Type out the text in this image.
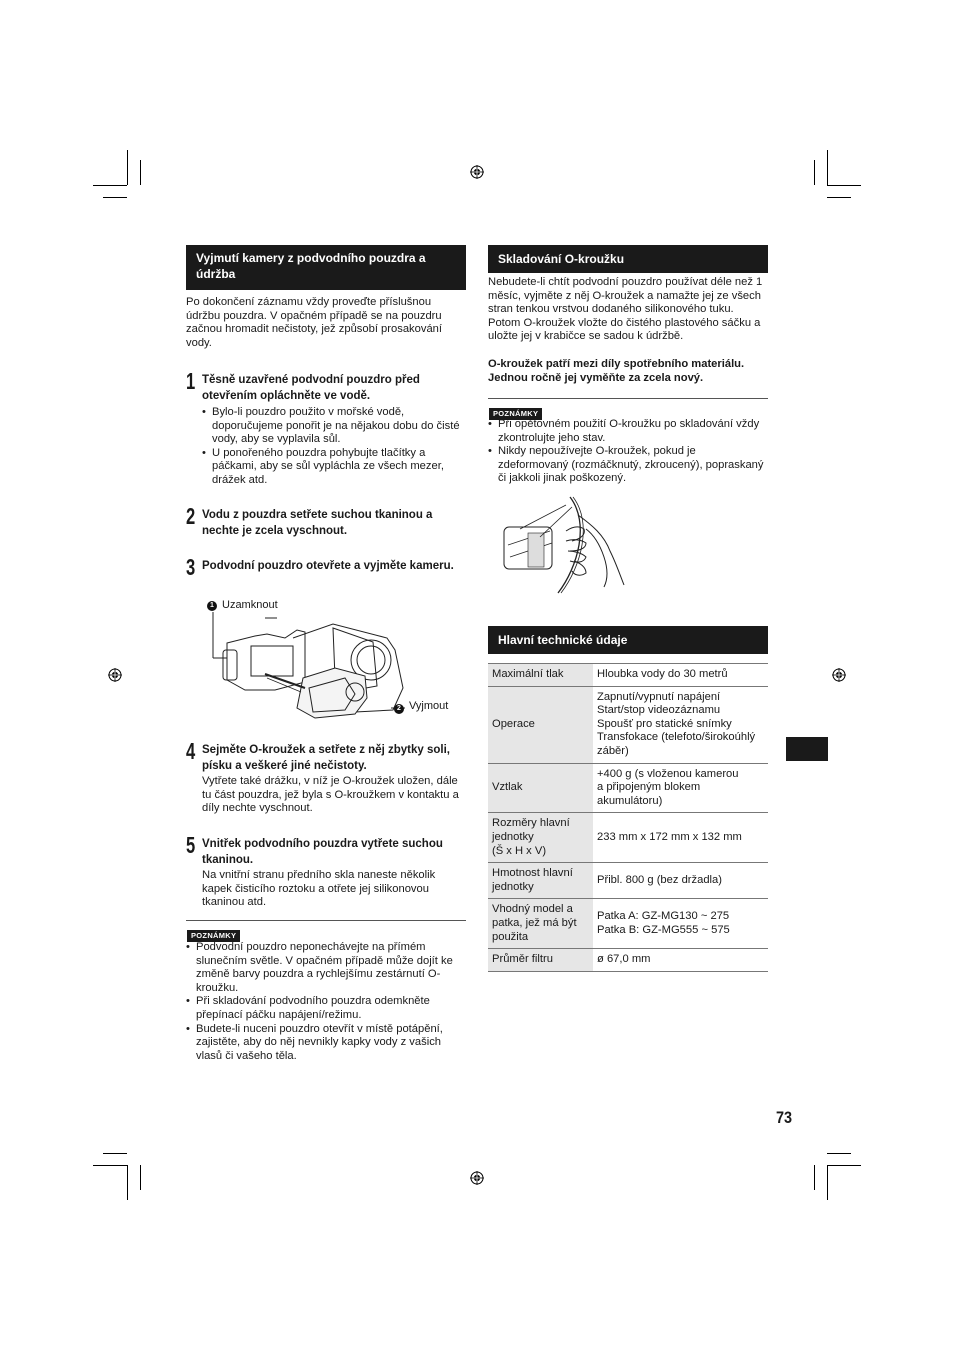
Vyjmutí kamery z podvodního pouzdra a údržba
Po dokončení záznamu vždy proveďte příslušnou údržbu pouzdra. V opačném případě se na pouzdru začnou hromadit nečistoty, jež způsobí prosakování vody.
1 Těsně uzavřené podvodní pouzdro před otevřením opláchněte ve vodě.
• Bylo-li pouzdro použito v mořské vodě, doporučujeme ponořit je na nějakou dobu do čisté vody, aby se vyplavila sůl.
• U ponořeného pouzdra pohybujte tlačítky a páčkami, aby se sůl vypláchla ze všech mezer, drážek atd.
2 Vodu z pouzdra setřete suchou tkaninou a nechte je zcela vyschnout.
3 Podvodní pouzdro otevřete a vyjměte kameru.
1 Uzamknout
2 Vyjmout
4 Sejměte O-kroužek a setřete z něj zbytky soli, písku a veškeré jiné nečistoty.
Vytřete také drážku, v níž je O-kroužek uložen, dále tu část pouzdra, jež byla s O-kroužkem v kontaktu a díly nechte vyschnout.
5 Vnitřek podvodního pouzdra vytřete suchou tkaninou.
Na vnitřní stranu předního skla naneste několik kapek čisticího roztoku a otřete jej silikonovou tkaninou atd.
POZNÁMKY
• Podvodní pouzdro neponechávejte na přímém slunečním světle. V opačném případě může dojít ke změně barvy pouzdra a rychlejšímu zestárnutí O-kroužku.
• Při skladování podvodního pouzdra odemkněte přepínací páčku napájení/režimu.
• Budete-li nuceni pouzdro otevřít v místě potápění, zajistěte, aby do něj nevnikly kapky vody z vašich vlasů či vašeho těla.
Skladování O-kroužku
Nebudete-li chtít podvodní pouzdro používat déle než 1 měsíc, vyjměte z něj O-kroužek a namažte jej ze všech stran tenkou vrstvou dodaného silikonového tuku. Potom O-kroužek vložte do čistého plastového sáčku a uložte jej v krabičce se sadou k údržbě.
O-kroužek patří mezi díly spotřebního materiálu. Jednou ročně jej vyměňte za zcela nový.
POZNÁMKY
• Při opětovném použití O-kroužku po skladování vždy zkontrolujte jeho stav.
• Nikdy nepoužívejte O-kroužek, pokud je zdeformovaný (rozmáčknutý, zkroucený), popraskaný či jakkoli jinak poškozený.
Hlavní technické údaje
Maximální tlak	Hloubka vody do 30 metrů
Operace	Zapnutí/vypnutí napájení
Start/stop videozáznamu
Spoušť pro statické snímky
Transfokace (telefoto/širokoúhlý záběr)
Vztlak	+400 g (s vloženou kamerou
a připojeným blokem
akumulátoru)
Rozměry hlavní jednotky
(Š x H x V)	233 mm x 172 mm x 132 mm
Hmotnost hlavní jednotky	Přibl. 800 g (bez držadla)
Vhodný model a patka, jež má být použita	Patka A: GZ-MG130 ~ 275
Patka B: GZ-MG555 ~ 575
Průměr filtru	ø 67,0 mm
73
